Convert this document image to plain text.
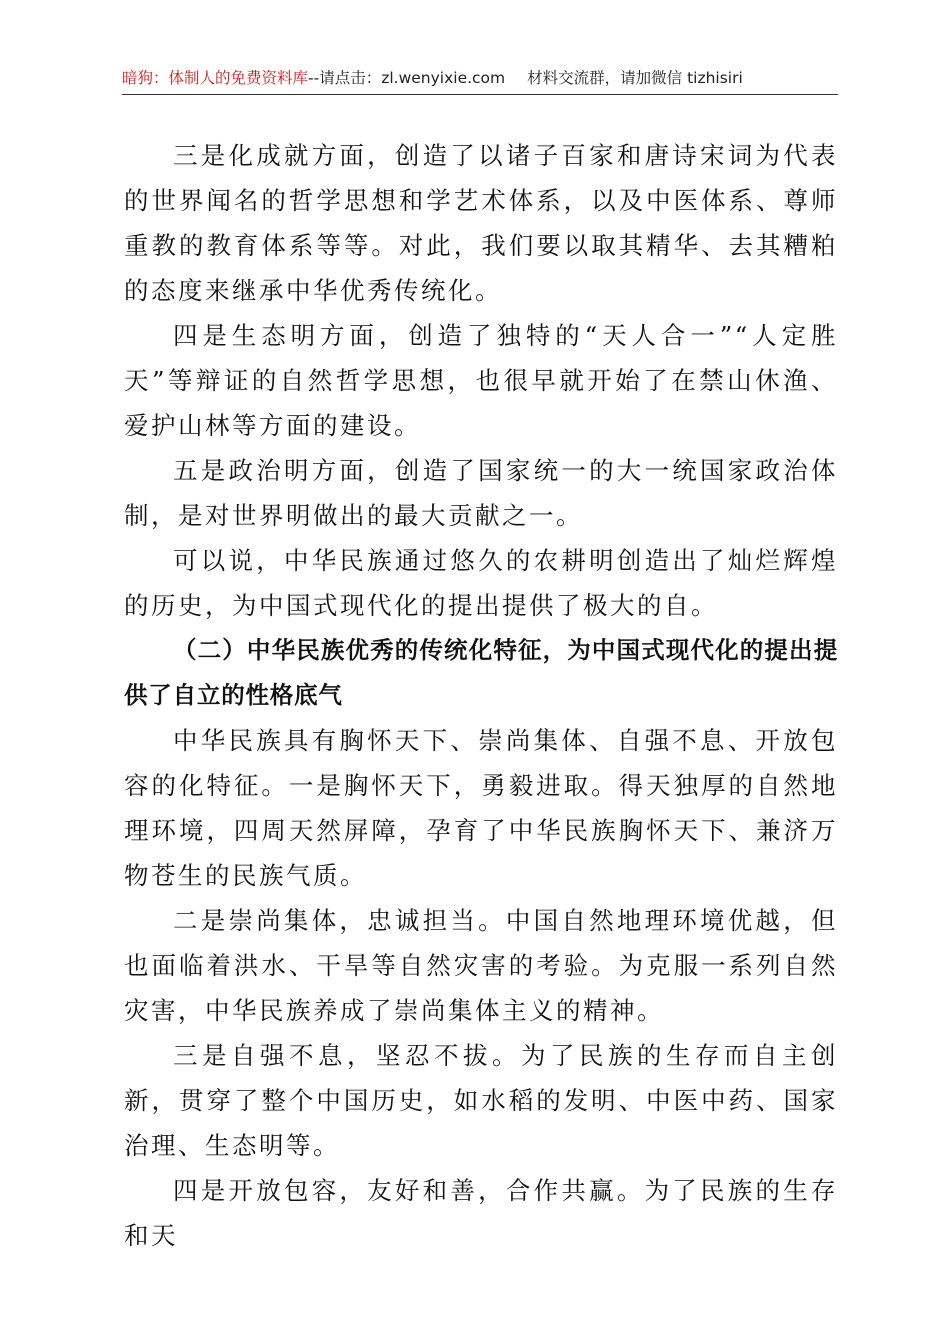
暗狗：体制人的免费资料库--请点击：zl.wenyixie.com 材料交流群，请加微信 tizhisiri

三是化成就方面，创造了以诸子百家和唐诗宋词为代表的世界闻名的哲学思想和学艺术体系，以及中医体系、尊师重教的教育体系等等。对此，我们要以取其精华、去其糟粕的态度来继承中华优秀传统化。

四是生态明方面，创造了独特的“天人合一”“人定胜天”等辩证的自然哲学思想，也很早就开始了在禁山休渔、爱护山林等方面的建设。

五是政治明方面，创造了国家统一的大一统国家政治体制，是对世界明做出的最大贡献之一。

可以说，中华民族通过悠久的农耕明创造出了灿烂辉煌的历史，为中国式现代化的提出提供了极大的自。

（二）中华民族优秀的传统化特征，为中国式现代化的提出提供了自立的性格底气

中华民族具有胸怀天下、崇尚集体、自强不息、开放包容的化特征。一是胸怀天下，勇毅进取。得天独厚的自然地理环境，四周天然屏障，孕育了中华民族胸怀天下、兼济万物苍生的民族气质。

二是崇尚集体，忠诚担当。中国自然地理环境优越，但也面临着洪水、干旱等自然灾害的考验。为克服一系列自然灾害，中华民族养成了崇尚集体主义的精神。

三是自强不息，坚忍不拔。为了民族的生存而自主创新，贯穿了整个中国历史，如水稻的发明、中医中药、国家治理、生态明等。

四是开放包容，友好和善，合作共赢。为了民族的生存和天
